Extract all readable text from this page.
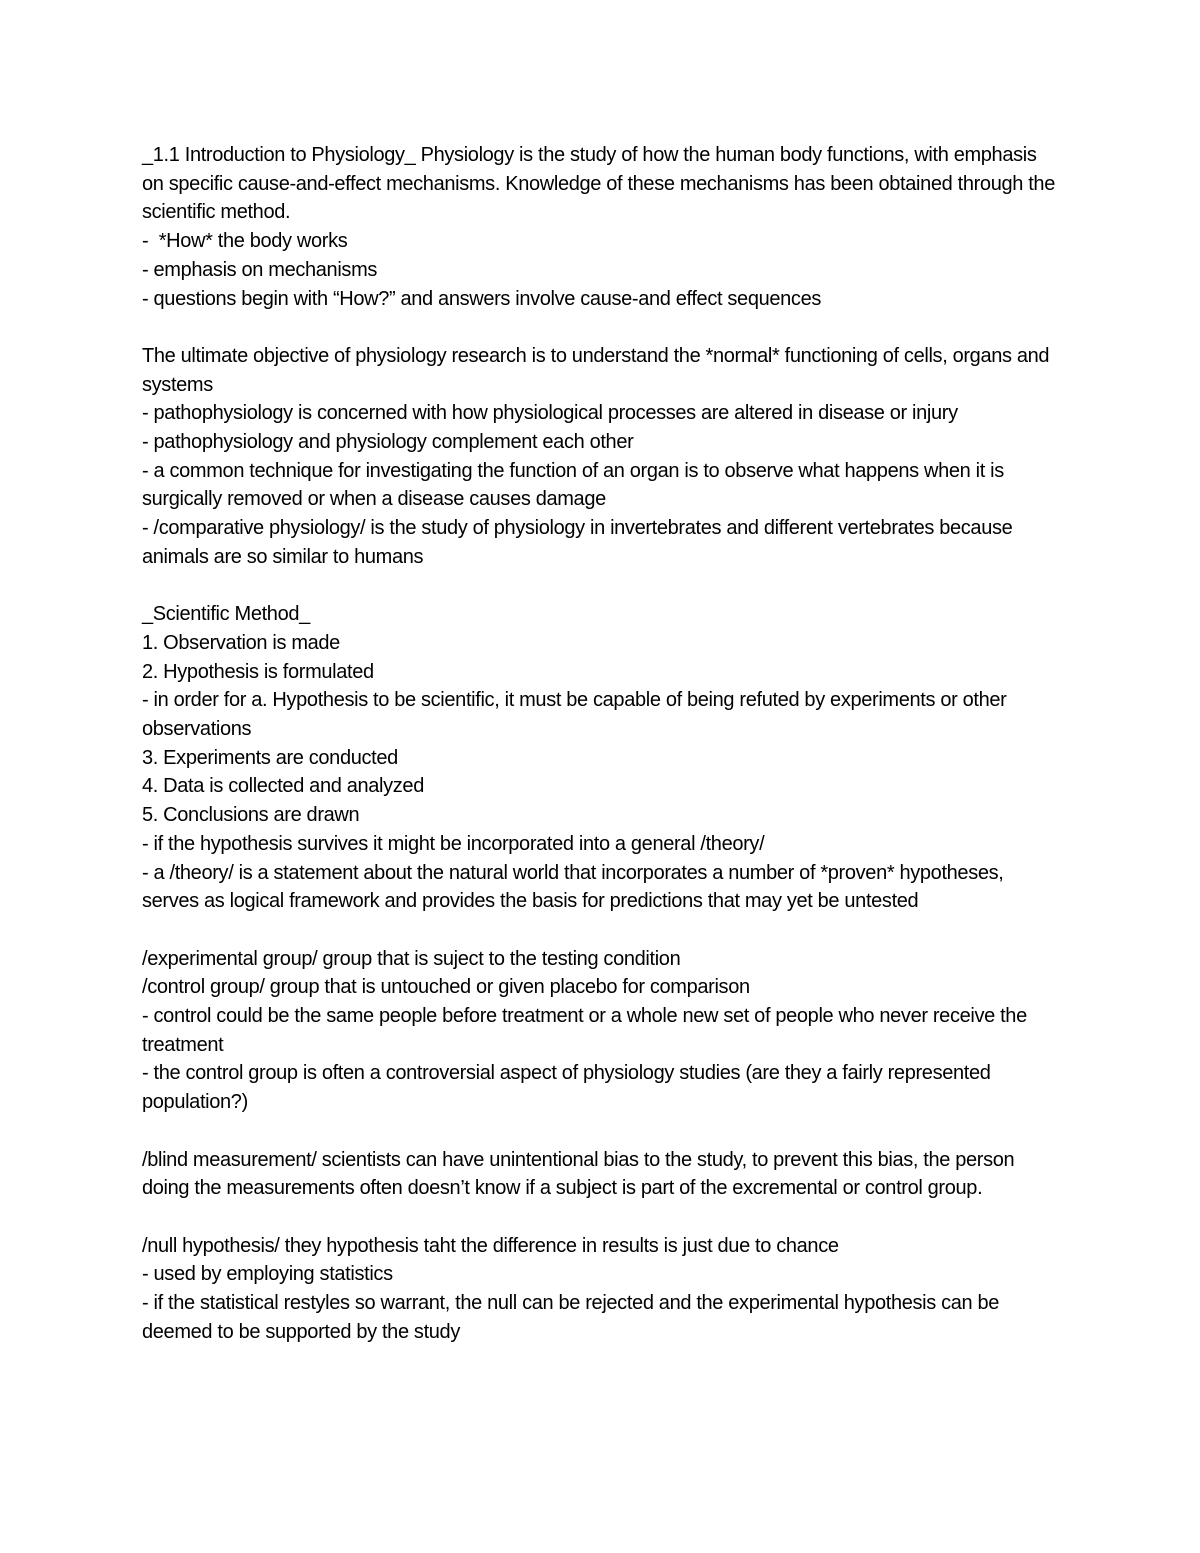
_1.1 Introduction to Physiology_ Physiology is the study of how the human body functions, with emphasis on specific cause-and-effect mechanisms. Knowledge of these mechanisms has been obtained through the scientific method.
-  *How* the body works
- emphasis on mechanisms
- questions begin with “How?” and answers involve cause-and effect sequences
The ultimate objective of physiology research is to understand the *normal* functioning of cells, organs and systems
- pathophysiology is concerned with how physiological processes are altered in disease or injury
- pathophysiology and physiology complement each other
- a common technique for investigating the function of an organ is to observe what happens when it is surgically removed or when a disease causes damage
- /comparative physiology/ is the study of physiology in invertebrates and different vertebrates because animals are so similar to humans
_Scientific Method_
1. Observation is made
2. Hypothesis is formulated
- in order for a. Hypothesis to be scientific, it must be capable of being refuted by experiments or other observations
3. Experiments are conducted
4. Data is collected and analyzed
5. Conclusions are drawn
- if the hypothesis survives it might be incorporated into a general /theory/
- a /theory/ is a statement about the natural world that incorporates a number of *proven* hypotheses, serves as logical framework and provides the basis for predictions that may yet be untested
/experimental group/ group that is suject to the testing condition
/control group/ group that is untouched or given placebo for comparison
- control could be the same people before treatment or a whole new set of people who never receive the treatment
- the control group is often a controversial aspect of physiology studies (are they a fairly represented population?)
/blind measurement/ scientists can have unintentional bias to the study, to prevent this bias, the person doing the measurements often doesn’t know if a subject is part of the excremental or control group.
/null hypothesis/ they hypothesis taht the difference in results is just due to chance
- used by employing statistics
- if the statistical restyles so warrant, the null can be rejected and the experimental hypothesis can be deemed to be supported by the study
